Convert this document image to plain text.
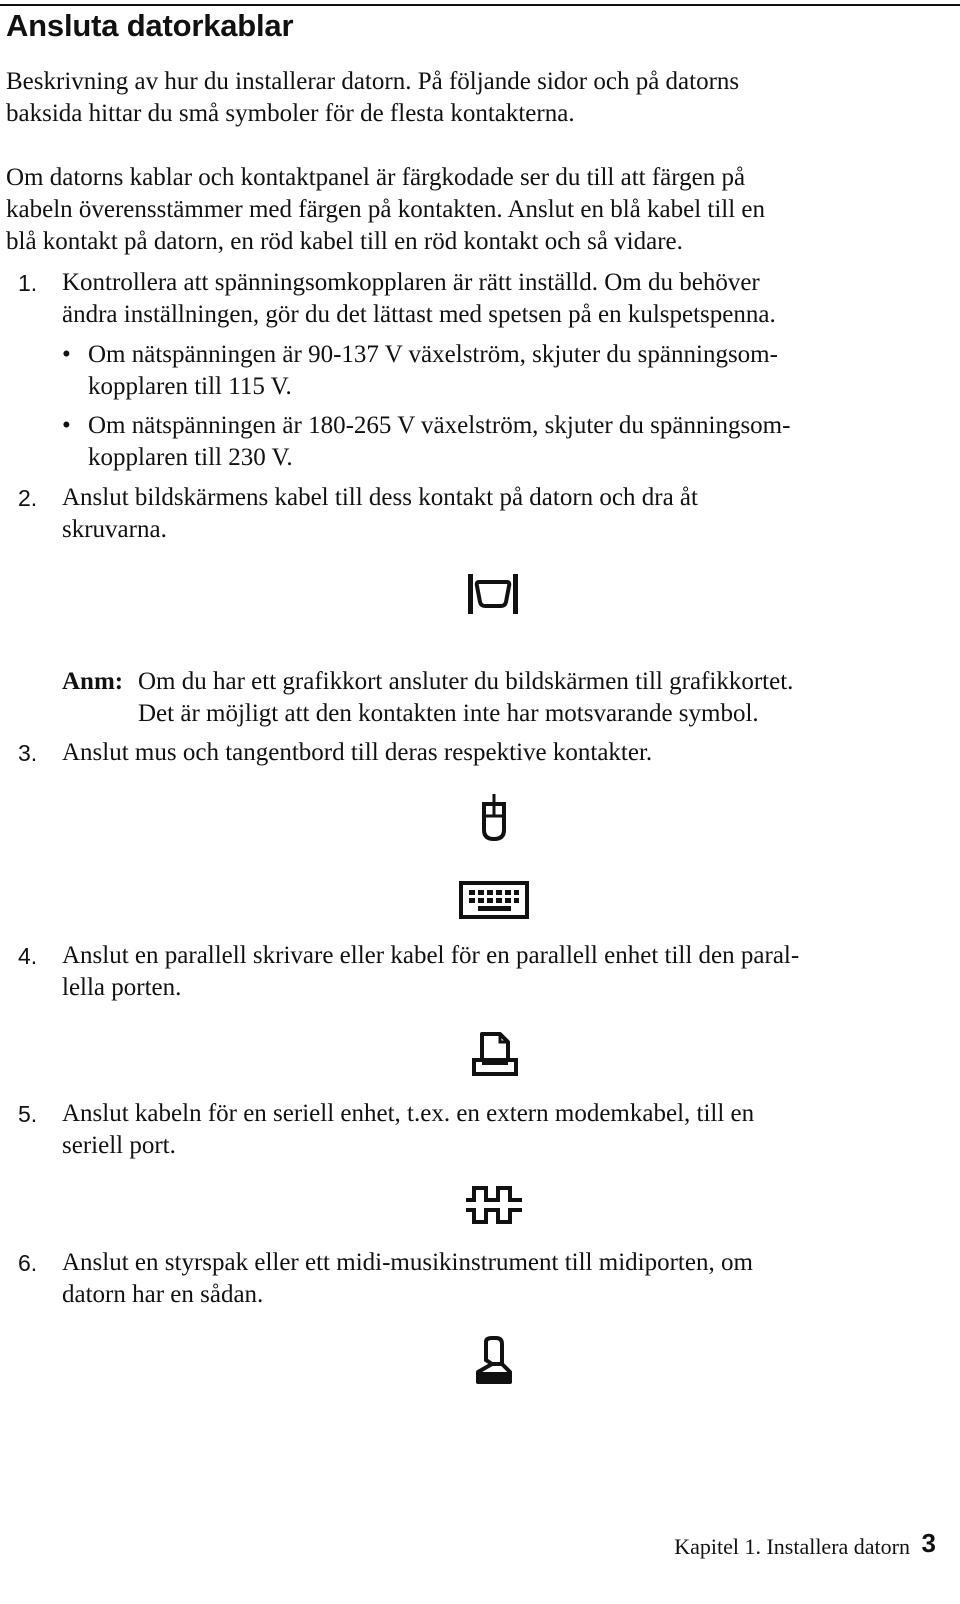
Ansluta datorkablar
Beskrivning av hur du installerar datorn. På följande sidor och på datorns
baksida hittar du små symboler för de flesta kontakterna.
Om datorns kablar och kontaktpanel är färgkodade ser du till att färgen på
kabeln överensstämmer med färgen på kontakten. Anslut en blå kabel till en
blå kontakt på datorn, en röd kabel till en röd kontakt och så vidare.
1. Kontrollera att spänningsomkopplaren är rätt inställd. Om du behöver
ändra inställningen, gör du det lättast med spetsen på en kulspetspenna.
• Om nätspänningen är 90-137 V växelström, skjuter du spänningsom-
kopplaren till 115 V.
• Om nätspänningen är 180-265 V växelström, skjuter du spänningsom-
kopplaren till 230 V.
2. Anslut bildskärmens kabel till dess kontakt på datorn och dra åt
skruvarna.
Anm: Om du har ett grafikkort ansluter du bildskärmen till grafikkortet.
Det är möjligt att den kontakten inte har motsvarande symbol.
3. Anslut mus och tangentbord till deras respektive kontakter.
4. Anslut en parallell skrivare eller kabel för en parallell enhet till den paral-
lella porten.
5. Anslut kabeln för en seriell enhet, t.ex. en extern modemkabel, till en
seriell port.
6. Anslut en styrspak eller ett midi-musikinstrument till midiporten, om
datorn har en sådan.
Kapitel 1. Installera datorn 3
